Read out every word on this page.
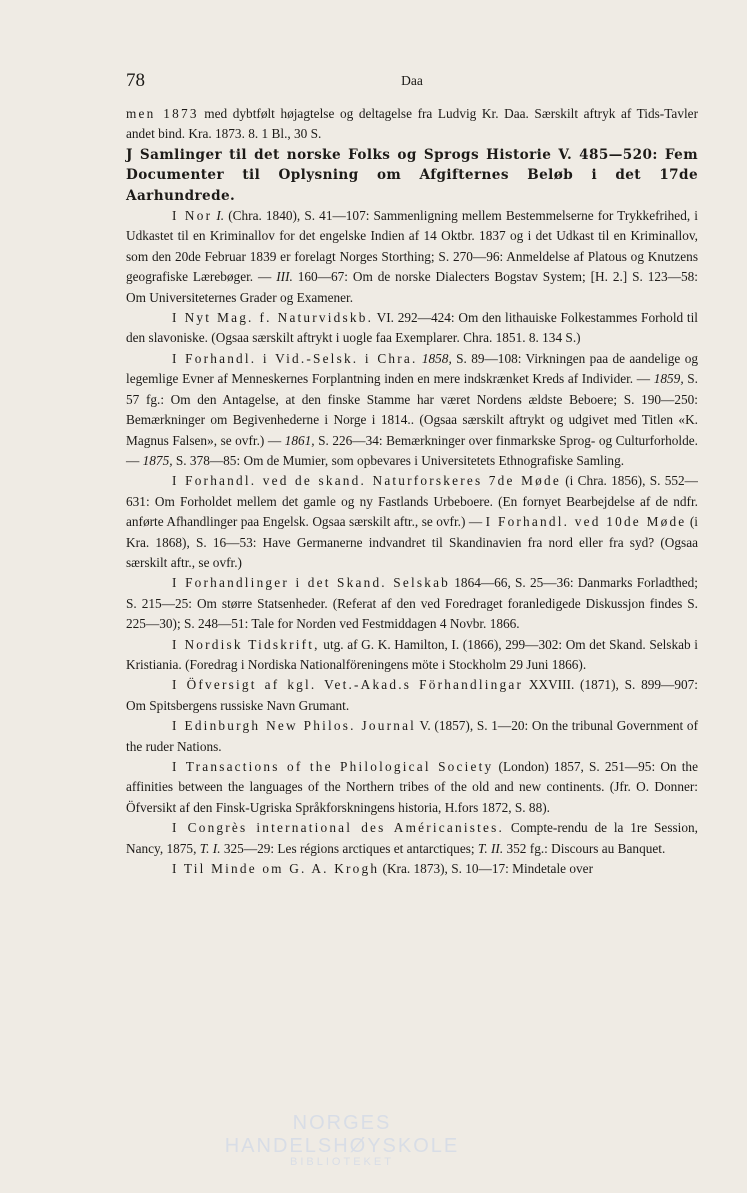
78	Daa

men 1873 med dybtfølt højagtelse og deltagelse fra Ludvig Kr. Daa. Særskilt aftryk af Tids-Tavler andet bind. Kra. 1873. 8. 1 Bl., 30 S.

J Samlinger til det norske Folks og Sprogs Historie V. 485—520: Fem Documenter til Oplysning om Afgifternes Beløb i det 17de Aarhundrede.

I Nor I. (Chra. 1840), S. 41—107: Sammenligning mellem Bestemmelserne for Trykkefrihed, i Udkastet til en Kriminallov for det engelske Indien af 14 Oktbr. 1837 og i det Udkast til en Kriminallov, som den 20de Februar 1839 er forelagt Norges Storthing; S. 270—96: Anmeldelse af Platous og Knutzens geografiske Lærebøger. — III. 160—67: Om de norske Dialecters Bogstav System; [H. 2.] S. 123—58: Om Universiteternes Grader og Examener.

I Nyt Mag. f. Naturvidskb. VI. 292—424: Om den lithauiske Folkestammes Forhold til den slavoniske. (Ogsaa særskilt aftrykt i uogle faa Exemplarer. Chra. 1851. 8. 134 S.)

I Forhandl. i Vid.-Selsk. i Chra. 1858, S. 89—108: Virkningen paa de aandelige og legemlige Evner af Menneskernes Forplantning inden en mere indskrænket Kreds af Individer. — 1859, S. 57 fg.: Om den Antagelse, at den finske Stamme har været Nordens ældste Beboere; S. 190—250: Bemærkninger om Begivenhederne i Norge i 1814.. (Ogsaa særskilt aftrykt og udgivet med Titlen «K. Magnus Falsen», se ovfr.) — 1861, S. 226—34: Bemærkninger over finmarkske Sprog- og Culturforholde. — 1875, S. 378—85: Om de Mumier, som opbevares i Universitetets Ethnografiske Samling.

I Forhandl. ved de skand. Naturforskeres 7de Møde (i Chra. 1856), S. 552—631: Om Forholdet mellem det gamle og ny Fastlands Urbeboere. (En fornyet Bearbejdelse af de ndfr. anførte Afhandlinger paa Engelsk. Ogsaa særskilt aftr., se ovfr.) — I Forhandl. ved 10de Møde (i Kra. 1868), S. 16—53: Have Germanerne indvandret til Skandinavien fra nord eller fra syd? (Ogsaa særskilt aftr., se ovfr.)

I Forhandlinger i det Skand. Selskab 1864—66, S. 25—36: Danmarks Forladthed; S. 215—25: Om større Statsenheder. (Referat af den ved Foredraget foranledigede Diskussjon findes S. 225—30); S. 248—51: Tale for Norden ved Festmiddagen 4 Novbr. 1866.

I Nordisk Tidskrift, utg. af G. K. Hamilton, I. (1866), 299—302: Om det Skand. Selskab i Kristiania. (Foredrag i Nordiska Nationalföreningens möte i Stockholm 29 Juni 1866).

I Öfversigt af kgl. Vet.-Akad.s Förhandlingar XXVIII. (1871), S. 899—907: Om Spitsbergens russiske Navn Grumant.

I Edinburgh New Philos. Journal V. (1857), S. 1—20: On the tribunal Government of the ruder Nations.

I Transactions of the Philological Society (London) 1857, S. 251—95: On the affinities between the languages of the Northern tribes of the old and new continents. (Jfr. O. Donner: Öfversikt af den Finsk-Ugriska Språkforskningens historia, H.fors 1872, S. 88).

I Congrès international des Américanistes. Compte-rendu de la 1re Session, Nancy, 1875, T. I. 325—29: Les régions arctiques et antarctiques; T. II. 352 fg.: Discours au Banquet.

I Til Minde om G. A. Krogh (Kra. 1873), S. 10—17: Mindetale over

NORGES HANDELSHØYSKOLE
BIBLIOTEKET
